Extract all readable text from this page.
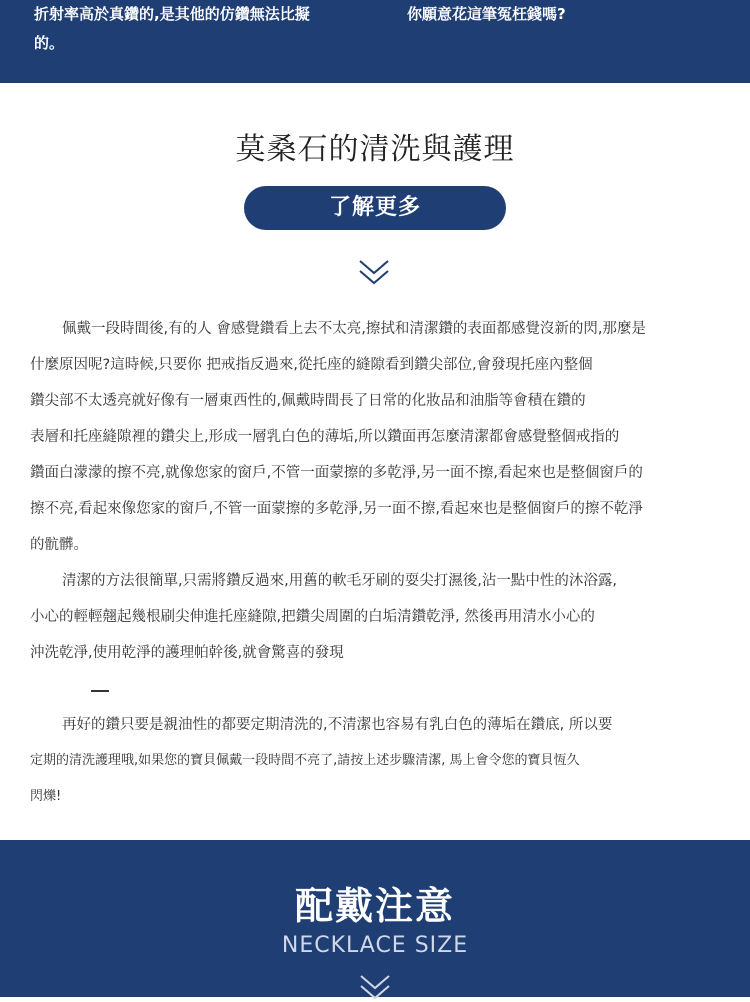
折射率高於真鑽的,是其他的仿鑽無法比擬
的。
你願意花這筆冤枉錢嗎?
莫桑石的清洗與護理
了解更多
佩戴一段時間後,有的人 會感覺鑽看上去不太亮,擦拭和清潔鑽的表面都感覺沒新的閃,那麼是
什麼原因呢?這時候,只要你 把戒指反過來,從托座的縫隙看到鑽尖部位,會發現托座內整個
鑽尖部不太透亮就好像有一層東西性的,佩戴時間長了日常的化妝品和油脂等會積在鑽的
表層和托座縫隙裡的鑽尖上,形成一層乳白色的薄垢,所以鑽面再怎麼清潔都會感覺整個戒指的
鑽面白濛濛的擦不亮,就像您家的窗戶,不管一面蒙擦的多乾淨,另一面不擦,看起來也是整個窗戶的
擦不亮,看起來像您家的窗戶,不管一面蒙擦的多乾淨,另一面不擦,看起來也是整個窗戶的擦不乾淨
的骯髒。
清潔的方法很簡單,只需將鑽反過來,用舊的軟毛牙刷的耍尖打濕後,沾一點中性的沐浴露,
小心的輕輕翹起幾根刷尖伸進托座縫隙,把鑽尖周圍的白垢清鑽乾淨, 然後再用清水小心的
沖洗乾淨,使用乾淨的護理帕幹後,就會驚喜的發現
再好的鑽只要是親油性的都要定期清洗的,不清潔也容易有乳白色的薄垢在鑽底, 所以要
定期的清洗護理哦,如果您的寶貝佩戴一段時間不亮了,請按上述步驟清潔, 馬上會令您的寶貝恆久
閃爍!
配戴注意
NECKLACE SIZE
